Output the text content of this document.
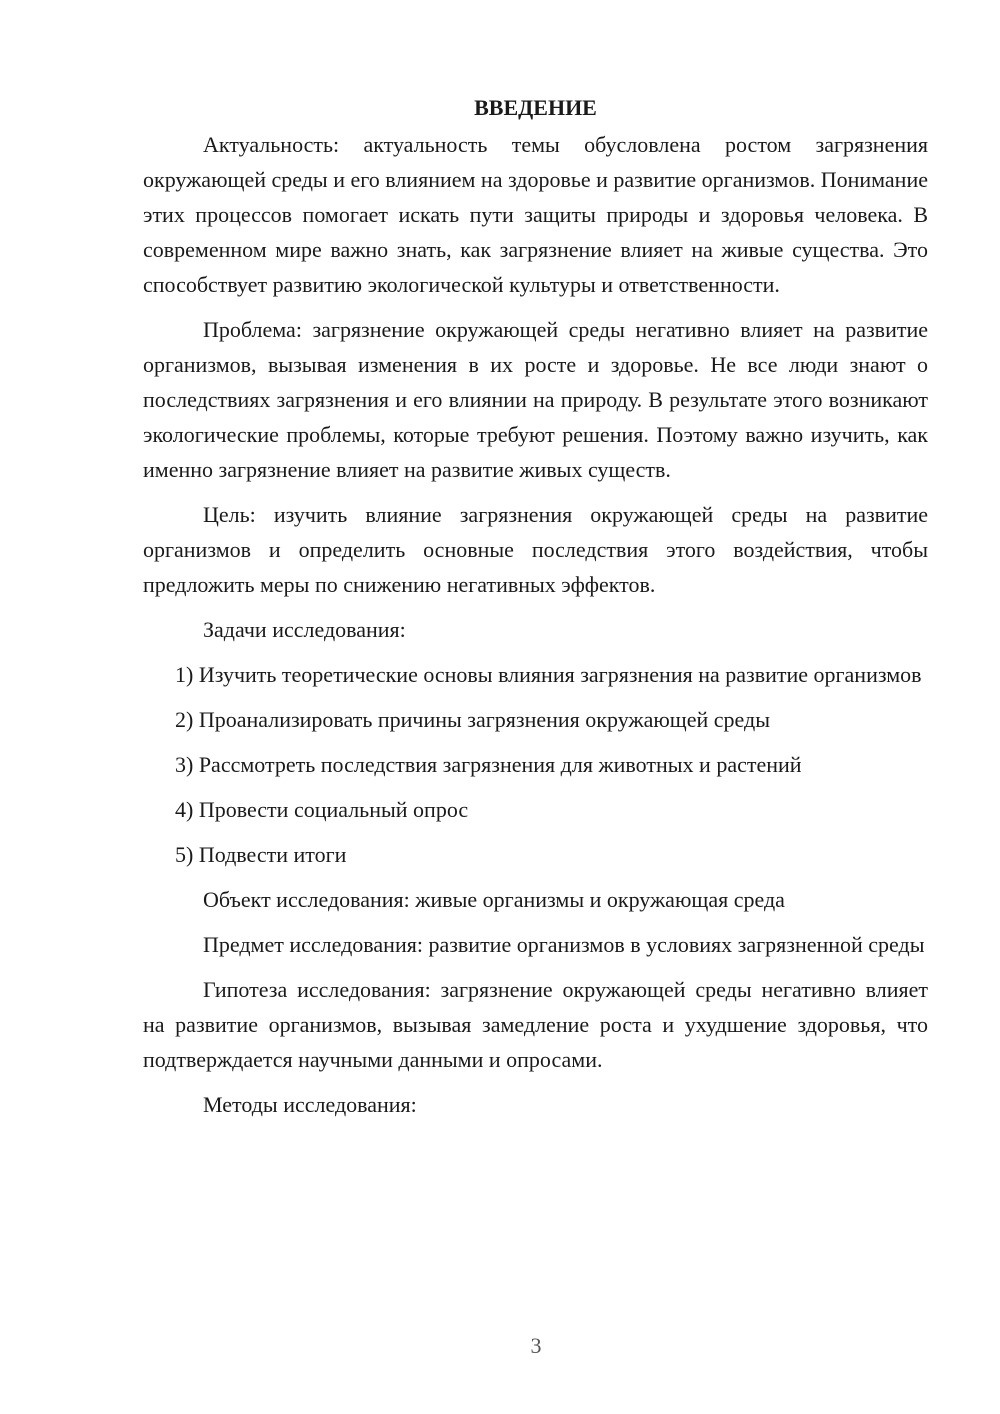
ВВЕДЕНИЕ

Актуальность: актуальность темы обусловлена ростом загрязнения окружающей среды и его влиянием на здоровье и развитие организмов. Понимание этих процессов помогает искать пути защиты природы и здоровья человека. В современном мире важно знать, как загрязнение влияет на живые существа. Это способствует развитию экологической культуры и ответственности.

Проблема: загрязнение окружающей среды негативно влияет на развитие организмов, вызывая изменения в их росте и здоровье. Не все люди знают о последствиях загрязнения и его влиянии на природу. В результате этого возникают экологические проблемы, которые требуют решения. Поэтому важно изучить, как именно загрязнение влияет на развитие живых существ.

Цель: изучить влияние загрязнения окружающей среды на развитие организмов и определить основные последствия этого воздействия, чтобы предложить меры по снижению негативных эффектов.

Задачи исследования:

1) Изучить теоретические основы влияния загрязнения на развитие организмов

2) Проанализировать причины загрязнения окружающей среды

3) Рассмотреть последствия загрязнения для животных и растений

4) Провести социальный опрос

5) Подвести итоги

Объект исследования: живые организмы и окружающая среда

Предмет исследования: развитие организмов в условиях загрязненной среды

Гипотеза исследования: загрязнение окружающей среды негативно влияет на развитие организмов, вызывая замедление роста и ухудшение здоровья, что подтверждается научными данными и опросами.

Методы исследования:

3
